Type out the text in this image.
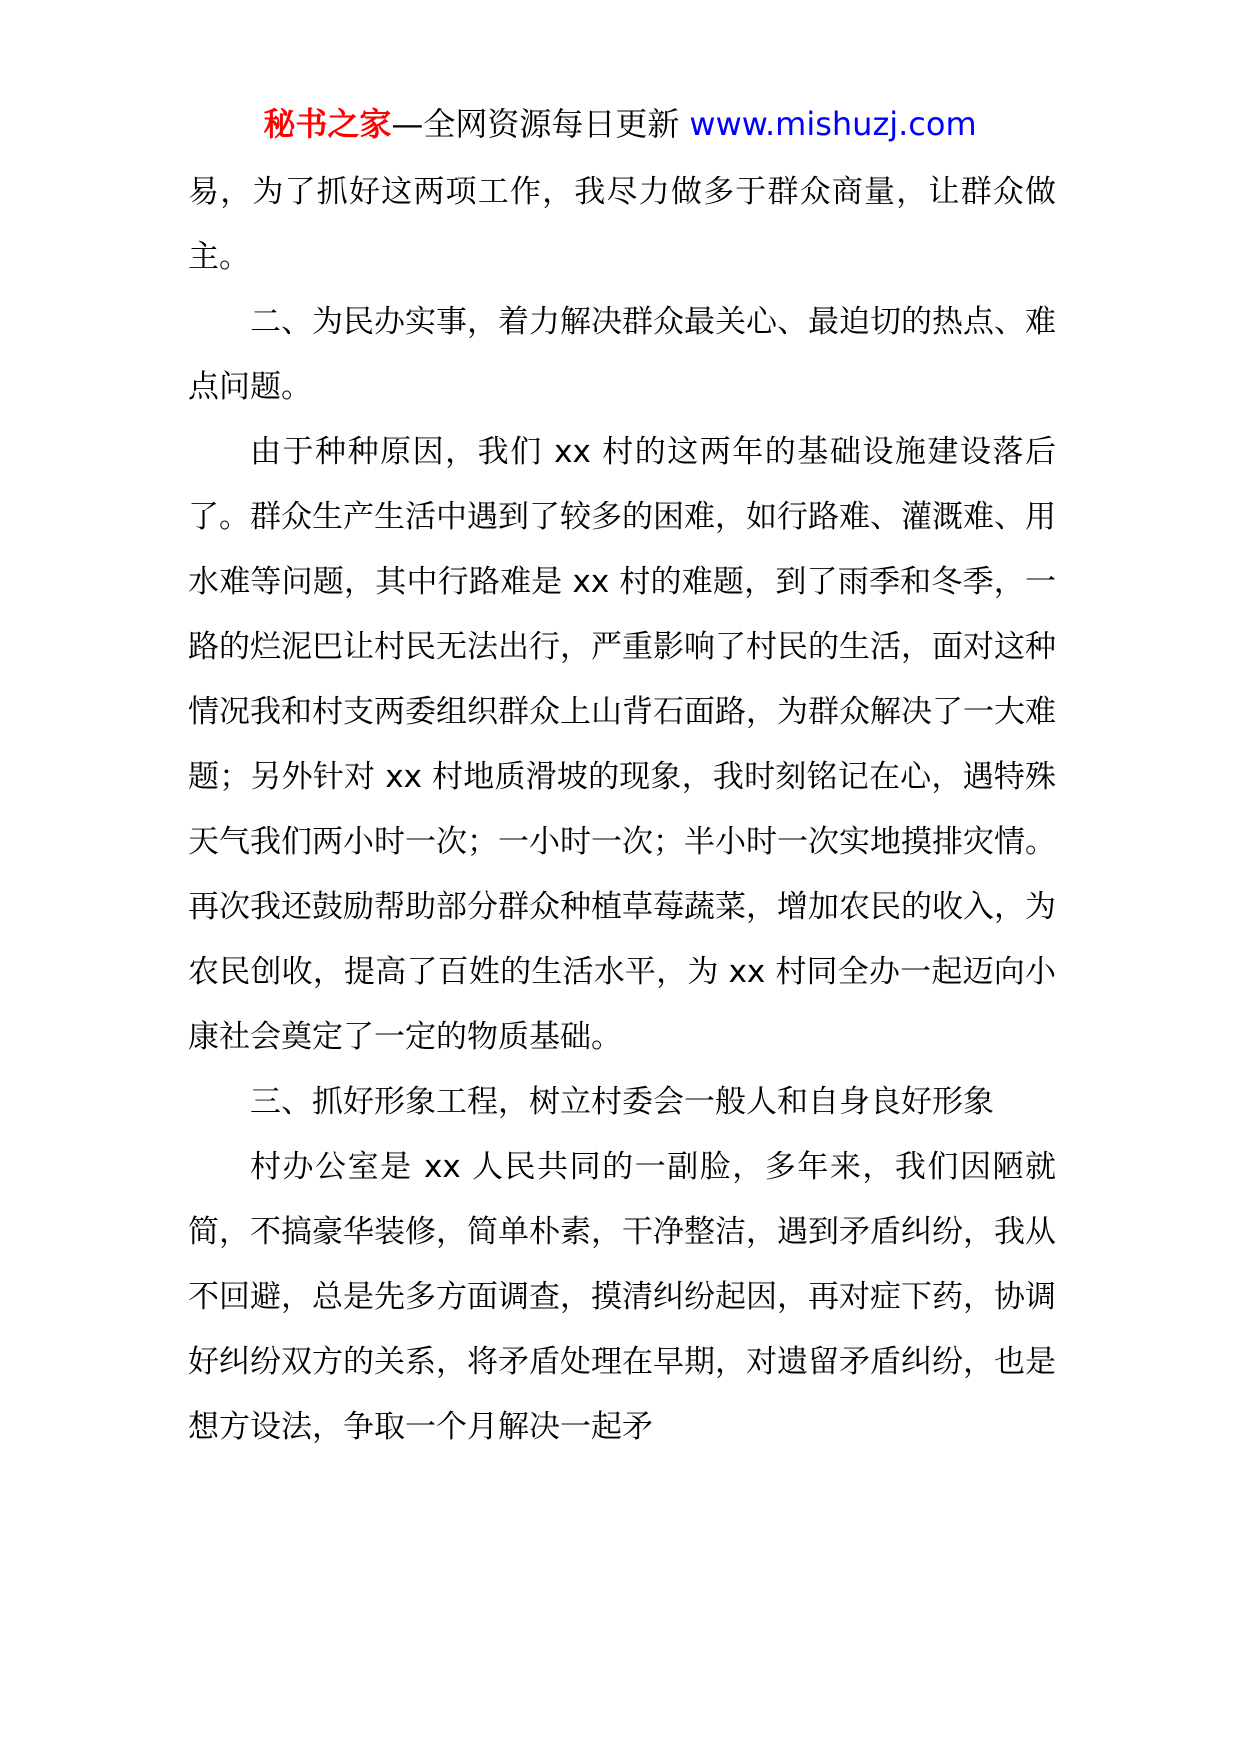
秘书之家—全网资源每日更新 www.mishuzj.com

易，为了抓好这两项工作，我尽力做多于群众商量，让群众做主。

二、为民办实事，着力解决群众最关心、最迫切的热点、难点问题。

由于种种原因，我们 xx 村的这两年的基础设施建设落后了。群众生产生活中遇到了较多的困难，如行路难、灌溉难、用水难等问题，其中行路难是 xx 村的难题，到了雨季和冬季，一路的烂泥巴让村民无法出行，严重影响了村民的生活，面对这种情况我和村支两委组织群众上山背石面路，为群众解决了一大难题；另外针对 xx 村地质滑坡的现象，我时刻铭记在心，遇特殊天气我们两小时一次；一小时一次；半小时一次实地摸排灾情。再次我还鼓励帮助部分群众种植草莓蔬菜，增加农民的收入，为农民创收，提高了百姓的生活水平，为 xx 村同全办一起迈向小康社会奠定了一定的物质基础。

三、抓好形象工程，树立村委会一般人和自身良好形象

村办公室是 xx 人民共同的一副脸，多年来，我们因陋就简，不搞豪华装修，简单朴素，干净整洁，遇到矛盾纠纷，我从不回避，总是先多方面调查，摸清纠纷起因，再对症下药，协调好纠纷双方的关系，将矛盾处理在早期，对遗留矛盾纠纷，也是想方设法，争取一个月解决一起矛
